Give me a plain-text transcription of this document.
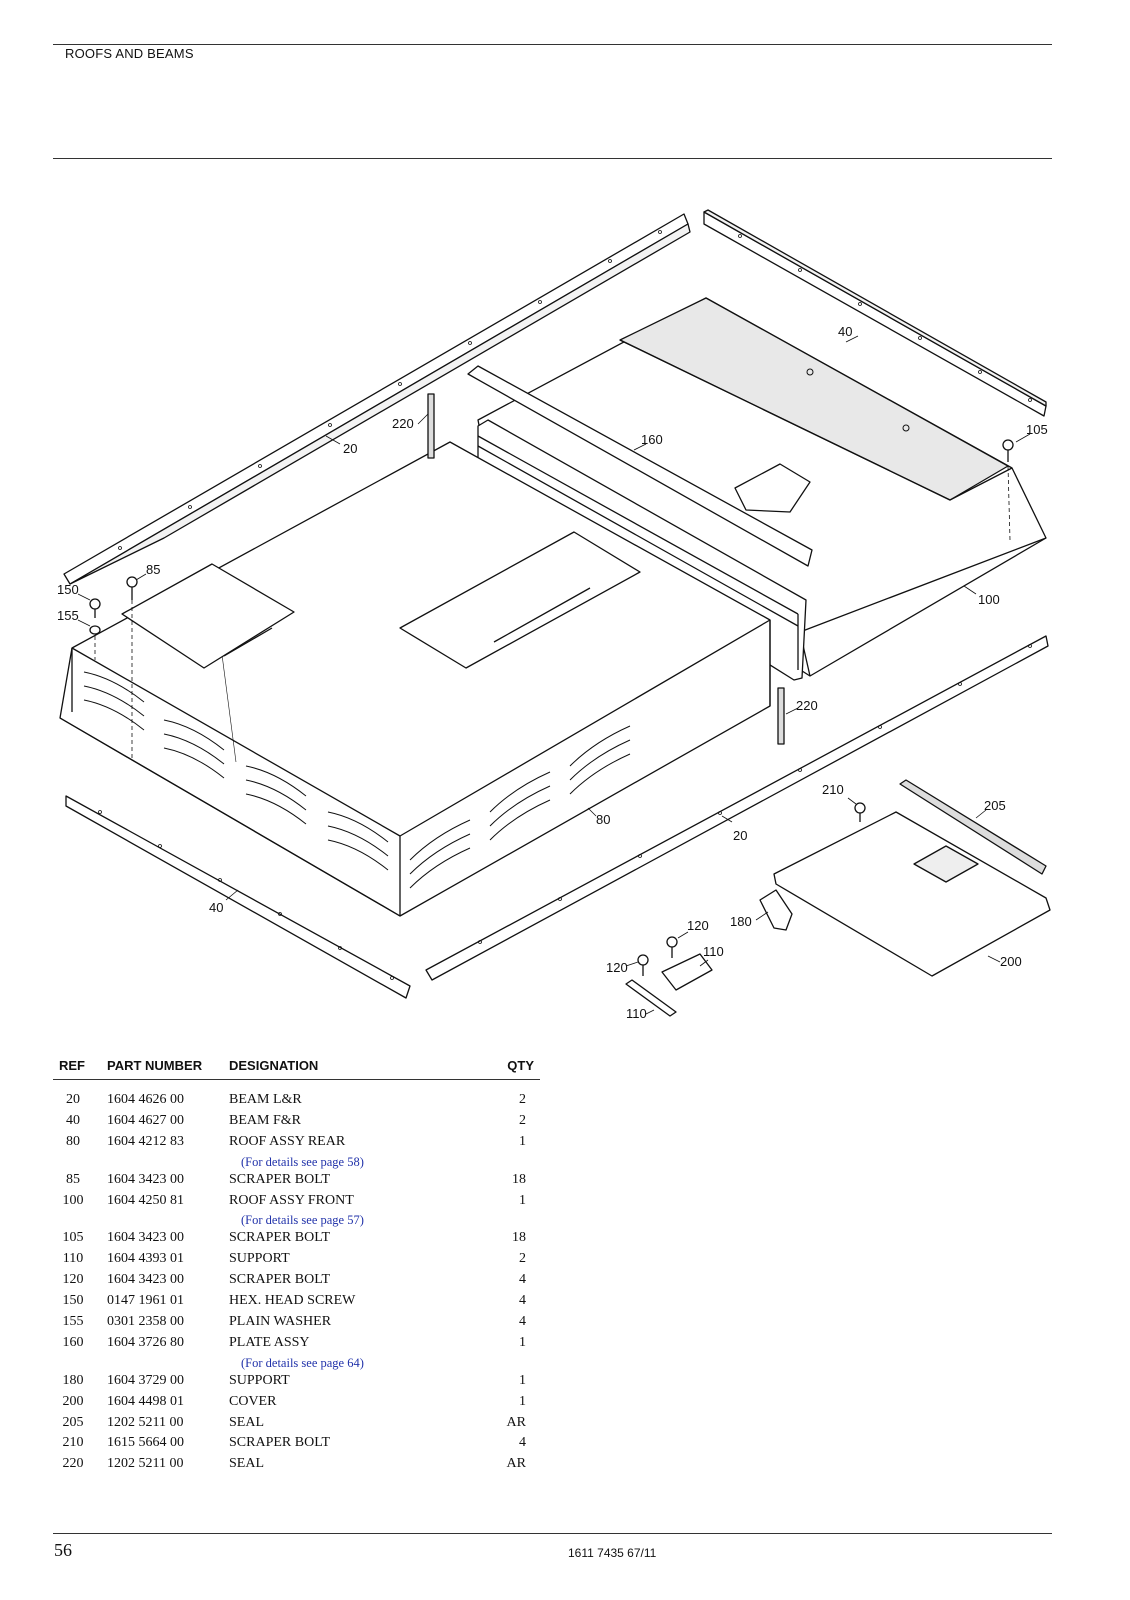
ROOFS AND BEAMS
20
20
40
40
80
85
100
105
110
110
120
120
150
155
160
180
200
205
210
220
220
REF	PART NUMBER	DESIGNATION	QTY
20	1604 4626 00	BEAM L&R	2
40	1604 4627 00	BEAM F&R	2
80	1604 4212 83	ROOF ASSY REAR	1
		(For details see page 58)	
85	1604 3423 00	SCRAPER BOLT	18
100	1604 4250 81	ROOF ASSY FRONT	1
		(For details see page 57)	
105	1604 3423 00	SCRAPER BOLT	18
110	1604 4393 01	SUPPORT	2
120	1604 3423 00	SCRAPER BOLT	4
150	0147 1961 01	HEX. HEAD SCREW	4
155	0301 2358 00	PLAIN WASHER	4
160	1604 3726 80	PLATE ASSY	1
		(For details see page 64)	
180	1604 3729 00	SUPPORT	1
200	1604 4498 01	COVER	1
205	1202 5211 00	SEAL	AR
210	1615 5664 00	SCRAPER BOLT	4
220	1202 5211 00	SEAL	AR
56	1611 7435 67/11
